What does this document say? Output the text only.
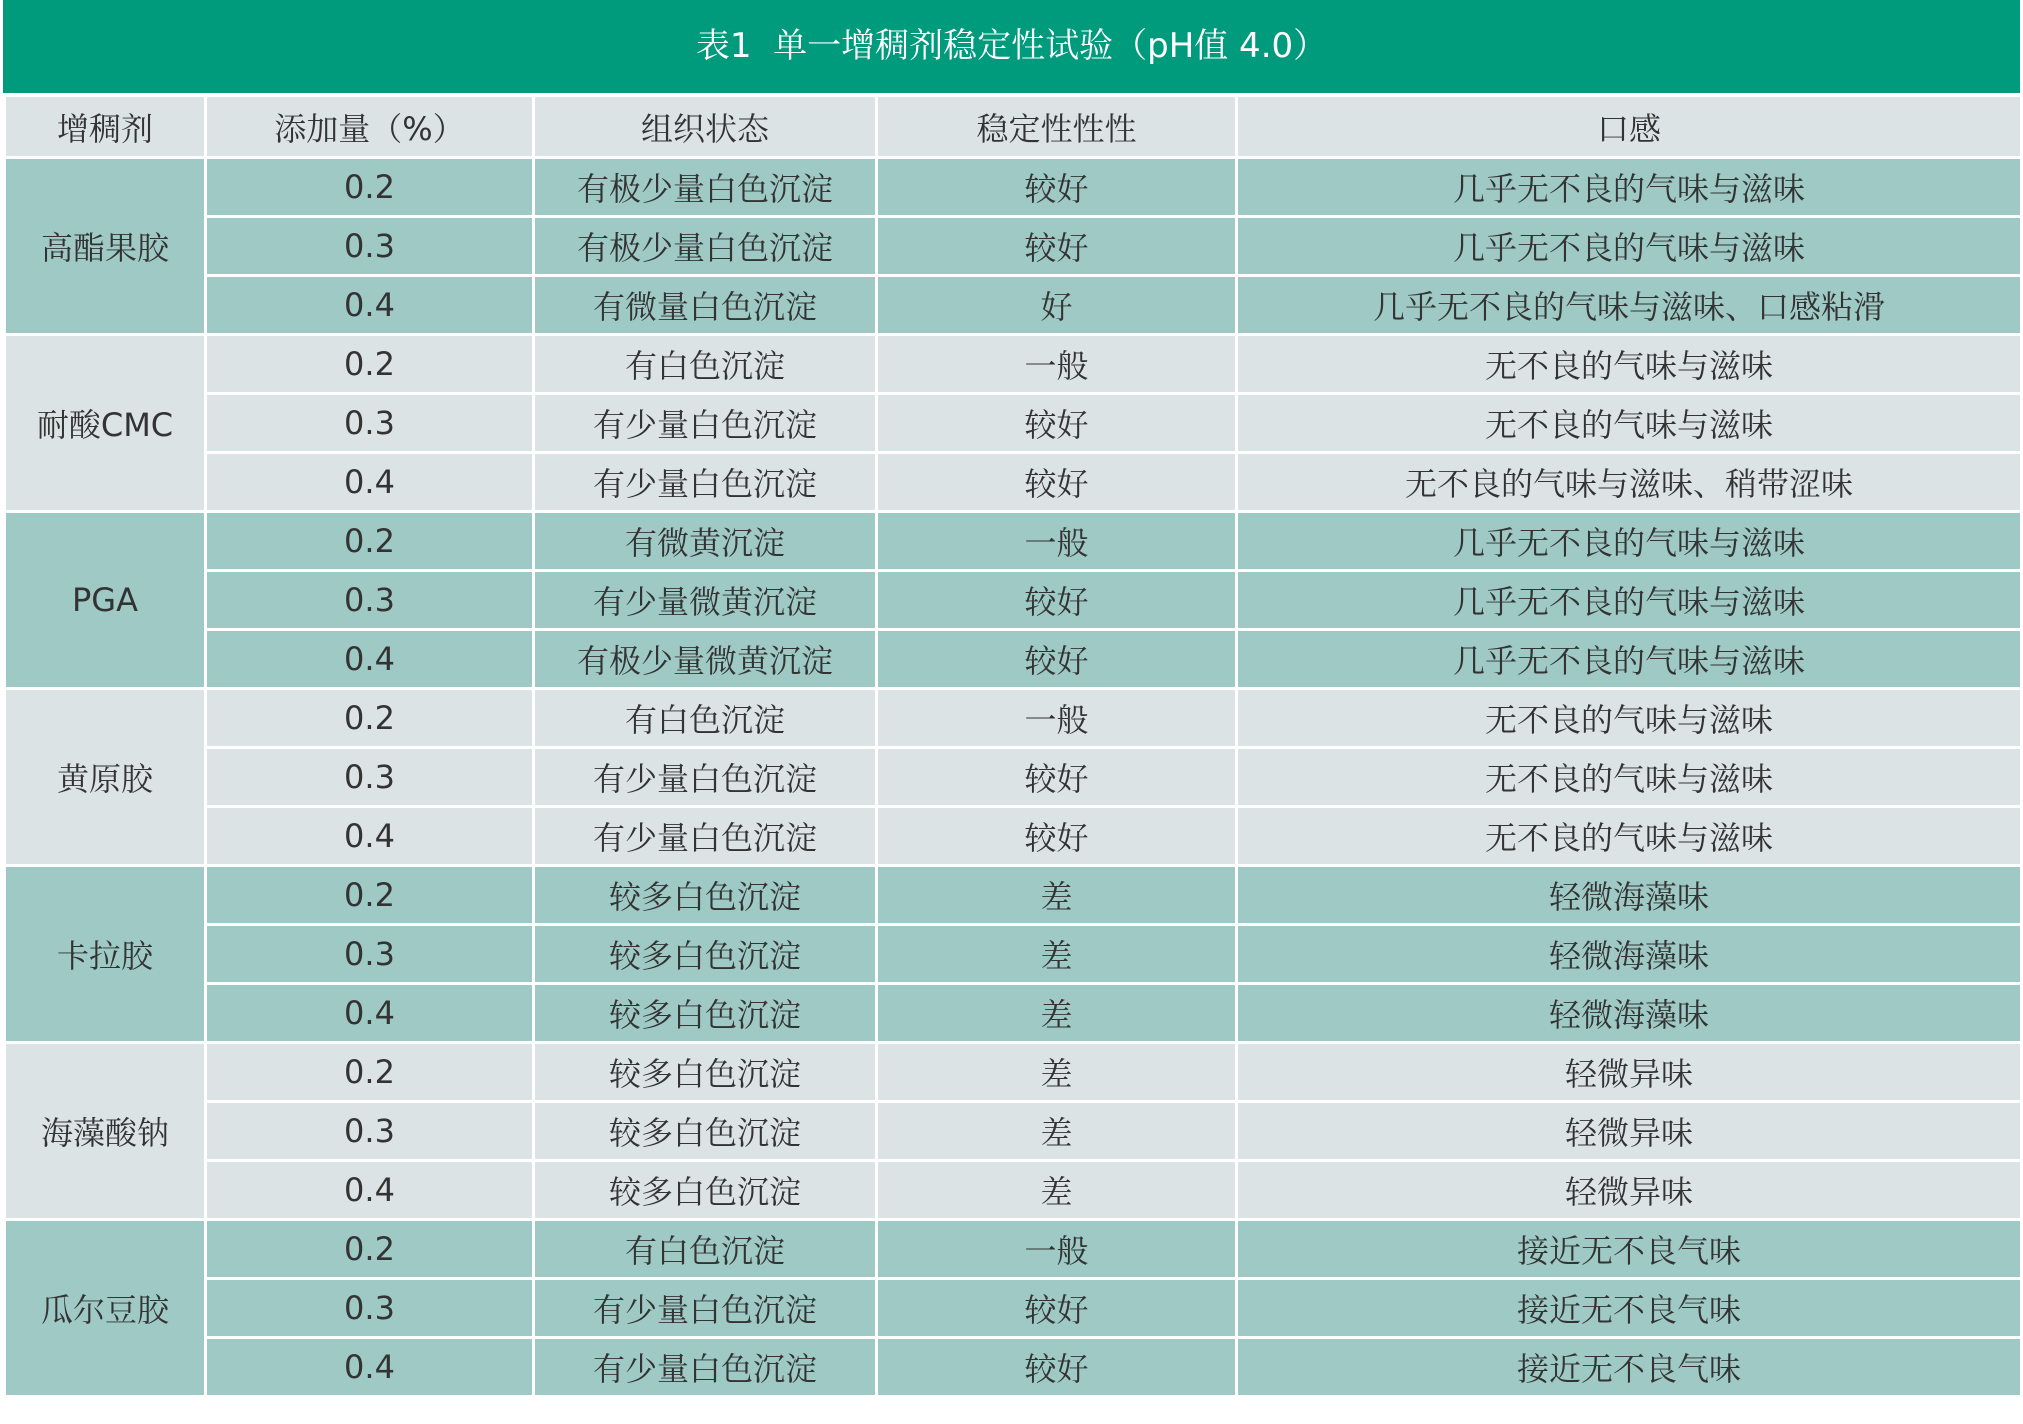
表1  单一增稠剂稳定性试验（pH值 4.0）
增稠剂	添加量（%）	组织状态	稳定性性性	口感
高酯果胶	0.2	有极少量白色沉淀	较好	几乎无不良的气味与滋味
	0.3	有极少量白色沉淀	较好	几乎无不良的气味与滋味
	0.4	有微量白色沉淀	好	几乎无不良的气味与滋味、口感粘滑
耐酸CMC	0.2	有白色沉淀	一般	无不良的气味与滋味
	0.3	有少量白色沉淀	较好	无不良的气味与滋味
	0.4	有少量白色沉淀	较好	无不良的气味与滋味、稍带涩味
PGA	0.2	有微黄沉淀	一般	几乎无不良的气味与滋味
	0.3	有少量微黄沉淀	较好	几乎无不良的气味与滋味
	0.4	有极少量微黄沉淀	较好	几乎无不良的气味与滋味
黄原胶	0.2	有白色沉淀	一般	无不良的气味与滋味
	0.3	有少量白色沉淀	较好	无不良的气味与滋味
	0.4	有少量白色沉淀	较好	无不良的气味与滋味
卡拉胶	0.2	较多白色沉淀	差	轻微海藻味
	0.3	较多白色沉淀	差	轻微海藻味
	0.4	较多白色沉淀	差	轻微海藻味
海藻酸钠	0.2	较多白色沉淀	差	轻微异味
	0.3	较多白色沉淀	差	轻微异味
	0.4	较多白色沉淀	差	轻微异味
瓜尔豆胶	0.2	有白色沉淀	一般	接近无不良气味
	0.3	有少量白色沉淀	较好	接近无不良气味
	0.4	有少量白色沉淀	较好	接近无不良气味
